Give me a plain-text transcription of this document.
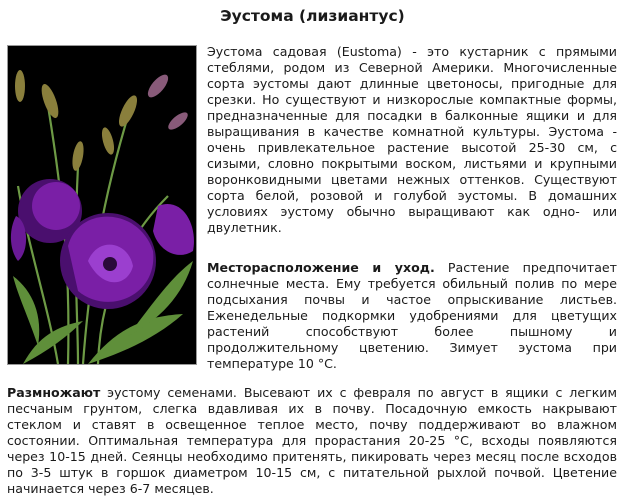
Эустома (лизиантус)

Эустома садовая (Eustoma) - это кустарник с прямыми стеблями, родом из Северной Америки. Многочисленные сорта эустомы дают длинные цветоносы, пригодные для срезки. Но существуют и низкорослые компактные формы, предназначенные для посадки в балконные ящики и для выращивания в качестве комнатной культуры. Эустома - очень привлекательное растение высотой 25-30 см, с сизыми, словно покрытыми воском, листьями и крупными воронковидными цветами нежных оттенков. Существуют сорта белой, розовой и голубой эустомы. В домашних условиях эустому обычно выращивают как одно- или двулетник.

Месторасположение и уход. Растение предпочитает солнечные места. Ему требуется обильный полив по мере подсыхания почвы и частое опрыскивание листьев. Еженедельные подкормки удобрениями для цветущих растений способствуют более пышному и продолжительному цветению. Зимует эустома при температуре 10 °С.

Размножают эустому семенами. Высевают их с февраля по август в ящики с легким песчаным грунтом, слегка вдавливая их в почву. Посадочную емкость накрывают стеклом и ставят в освещенное теплое место, почву поддерживают во влажном состоянии. Оптимальная температура для прорастания 20-25 °С, всходы появляются через 10-15 дней. Сеянцы необходимо притенять, пикировать через месяц после всходов по 3-5 штук в горшок диаметром 10-15 см, с питательной рыхлой почвой. Цветение начинается через 6-7 месяцев.
